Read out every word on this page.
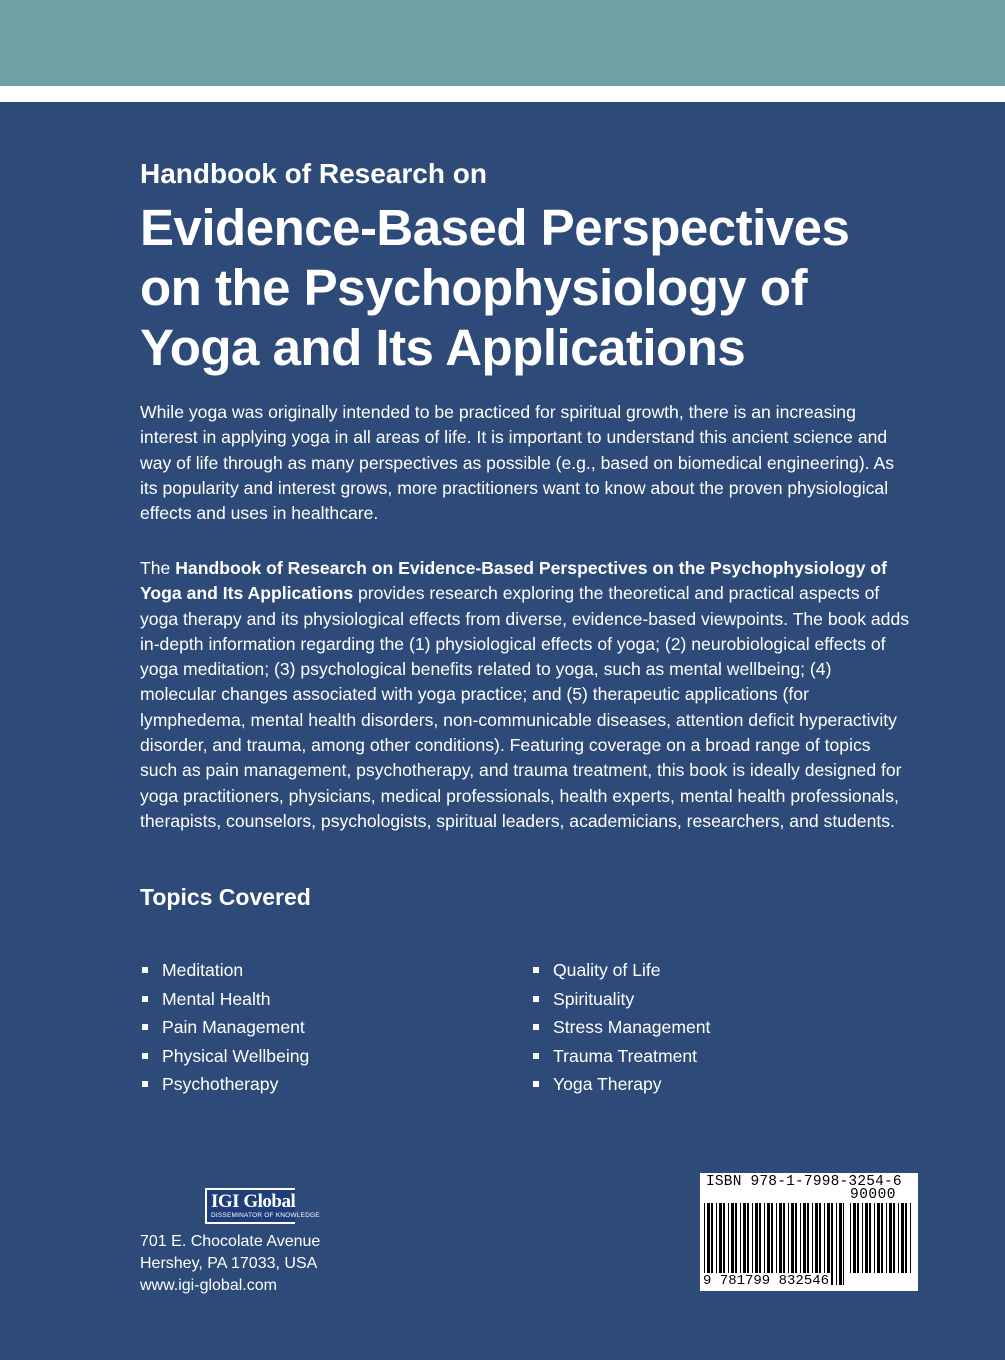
Handbook of Research on
Evidence-Based Perspectives
on the Psychophysiology of
Yoga and Its Applications

While yoga was originally intended to be practiced for spiritual growth, there is an increasing interest in applying yoga in all areas of life. It is important to understand this ancient science and way of life through as many perspectives as possible (e.g., based on biomedical engineering). As its popularity and interest grows, more practitioners want to know about the proven physiological effects and uses in healthcare.

The Handbook of Research on Evidence-Based Perspectives on the Psychophysiology of Yoga and Its Applications provides research exploring the theoretical and practical aspects of yoga therapy and its physiological effects from diverse, evidence-based viewpoints. The book adds in-depth information regarding the (1) physiological effects of yoga; (2) neurobiological effects of yoga meditation; (3) psychological benefits related to yoga, such as mental wellbeing; (4) molecular changes associated with yoga practice; and (5) therapeutic applications (for lymphedema, mental health disorders, non-communicable diseases, attention deficit hyperactivity disorder, and trauma, among other conditions). Featuring coverage on a broad range of topics such as pain management, psychotherapy, and trauma treatment, this book is ideally designed for yoga practitioners, physicians, medical professionals, health experts, mental health professionals, therapists, counselors, psychologists, spiritual leaders, academicians, researchers, and students.

Topics Covered
Meditation
Mental Health
Pain Management
Physical Wellbeing
Psychotherapy
Quality of Life
Spirituality
Stress Management
Trauma Treatment
Yoga Therapy
IGI Global
DISSEMINATOR OF KNOWLEDGE

701 E. Chocolate Avenue
Hershey, PA 17033, USA
www.igi-global.com

ISBN 978-1-7998-3254-6
90000
9 781799 832546
